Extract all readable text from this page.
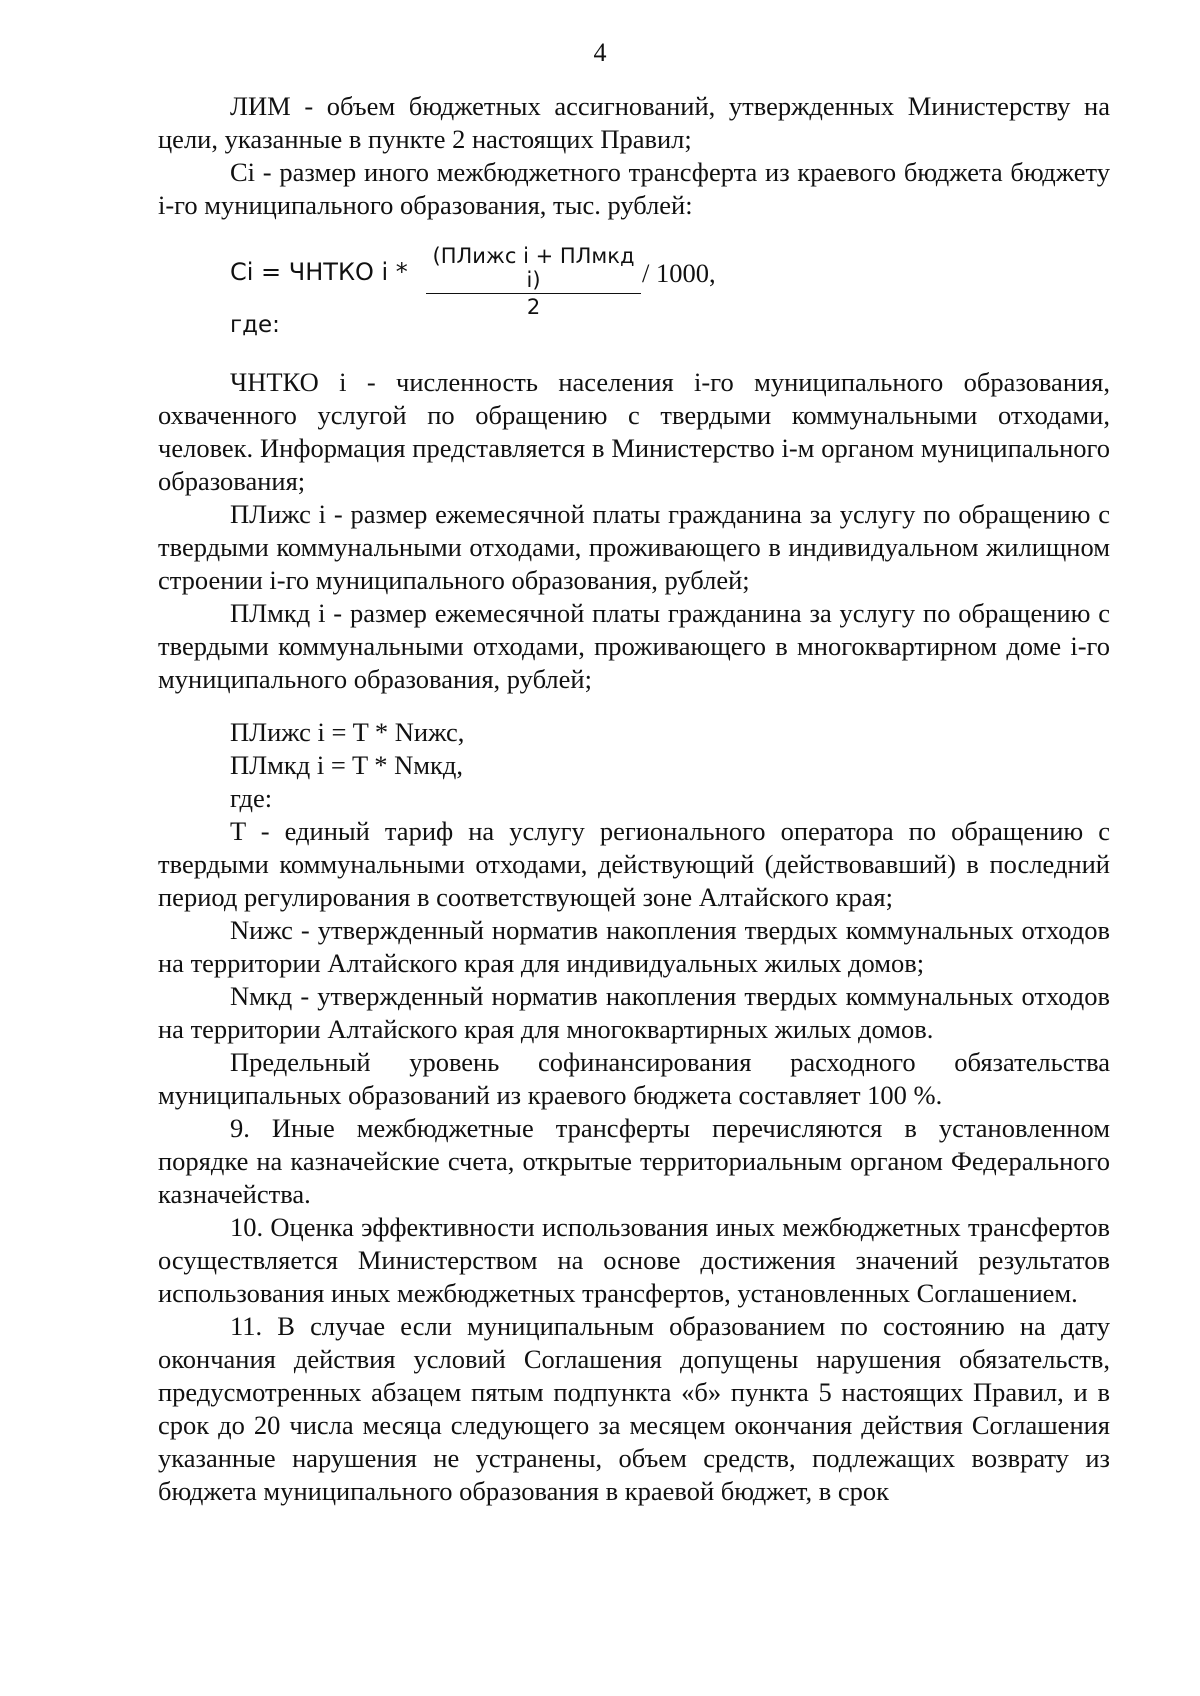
4

ЛИМ - объем бюджетных ассигнований, утвержденных Министерству на цели, указанные в пункте 2 настоящих Правил;

Ci - размер иного межбюджетного трансферта из краевого бюджета бюджету i-го муниципального образования, тыс. рублей:

Ci = ЧНТКО i *
(ПЛижс i + ПЛмкд i)
2
/ 1000,
где:

ЧНТКО i - численность населения i-го муниципального образования, охваченного услугой по обращению с твердыми коммунальными отходами, человек. Информация представляется в Министерство i-м органом муниципального образования;

ПЛижс i - размер ежемесячной платы гражданина за услугу по обращению с твердыми коммунальными отходами, проживающего в индивидуальном жилищном строении i-го муниципального образования, рублей;

ПЛмкд i - размер ежемесячной платы гражданина за услугу по обращению с твердыми коммунальными отходами, проживающего в многоквартирном доме i-го муниципального образования, рублей;

ПЛижс i = T * Nижс,

ПЛмкд i = T * Nмкд,

где:

T - единый тариф на услугу регионального оператора по обращению с твердыми коммунальными отходами, действующий (действовавший) в последний период регулирования в соответствующей зоне Алтайского края;

Nижс - утвержденный норматив накопления твердых коммунальных отходов на территории Алтайского края для индивидуальных жилых домов;

Nмкд - утвержденный норматив накопления твердых коммунальных отходов на территории Алтайского края для многоквартирных жилых домов.

Предельный уровень софинансирования расходного обязательства муниципальных образований из краевого бюджета составляет 100 %.

9. Иные межбюджетные трансферты перечисляются в установленном порядке на казначейские счета, открытые территориальным органом Федерального казначейства.

10. Оценка эффективности использования иных межбюджетных трансфертов осуществляется Министерством на основе достижения значений результатов использования иных межбюджетных трансфертов, установленных Соглашением.

11. В случае если муниципальным образованием по состоянию на дату окончания действия условий Соглашения допущены нарушения обязательств, предусмотренных абзацем пятым подпункта «б» пункта 5 настоящих Правил, и в срок до 20 числа месяца следующего за месяцем окончания действия Соглашения указанные нарушения не устранены, объем средств, подлежащих возврату из бюджета муниципального образования в краевой бюджет, в срок
